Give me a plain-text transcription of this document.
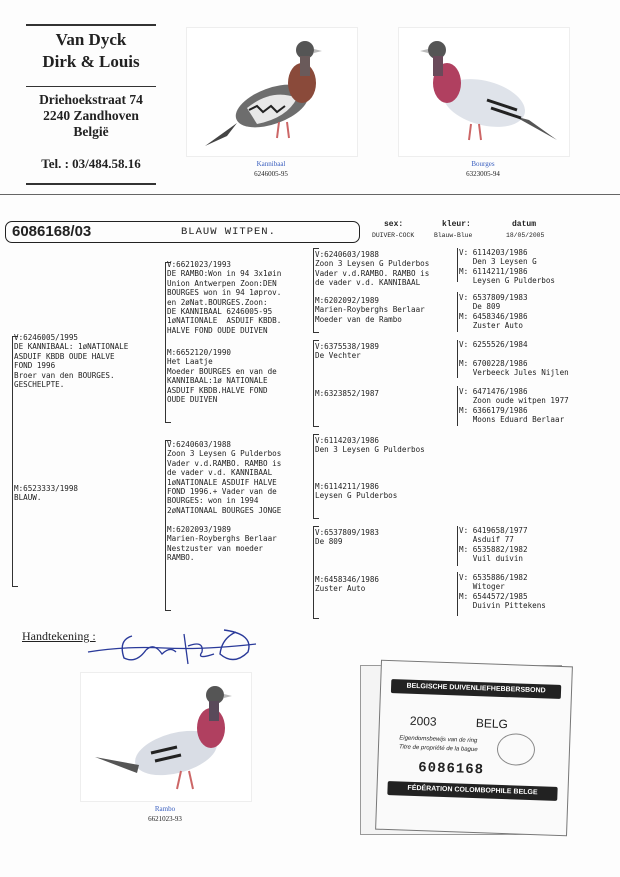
Van Dyck
Dirk & Louis
Driehoekstraat 74
2240 Zandhoven
België
Tel. : 03/484.58.16	Kannibaal
6246005-95
Bourges
6323005-94
6086168/03	BLAUW WITPEN.
sex:
DUIVER-COCK
kleur:
Blauw-Blue
datum
18/05/2005
V:6246005/1995
DE KANNIBAAL: 1øNATIONALE
ASDUIF KBDB OUDE HALVE
FOND 1996
Broer van den BOURGES.
GESCHELPTE.
M:6523333/1998
BLAUW.
V:6621023/1993
DE RAMBO:Won in 94 3x1øin
Union Antwerpen Zoon:DEN
BOURGES won in 94 1øprov.
en 2øNat.BOURGES.Zoon:
DE KANNIBAAL 6246005-95
1øNATIONALE  ASDUIF KBDB.
HALVE FOND OUDE DUIVEN
M:6652120/1990
Het Laatje
Moeder BOURGES en van de
KANNIBAAL:1ø NATIONALE
ASDUIF KBDB.HALVE FOND
OUDE DUIVEN
V:6240603/1988
Zoon 3 Leysen G Pulderbos
Vader v.d.RAMBO. RAMBO is
de vader v.d. KANNIBAAL
1øNATIONALE ASDUIF HALVE
FOND 1996.+ Vader van de
BOURGES: won in 1994
2øNATIONAAL BOURGES JONGE
M:6202093/1989
Marien-Roybergh​s Berlaar
Nestzuster van moeder
RAMBO.
V:6240603/1988
Zoon 3 Leysen G Pulderbos
Vader v.d.RAMBO. RAMBO is
de vader v.d. KANNIBAAL
M:6202092/1989
Marien-Roybergh​s Berlaar
Moeder van de Rambo
V:6375538/1989
De Vechter
M:6323852/1987
V:6114203/1986
Den 3 Leysen G Pulderbos
M:6114211/1986
Leysen G Pulderbos
V:6537809/1983
De 809
M:6458346/1986
Zuster Auto
V: 6114203/1986
Den 3 Leysen G
M: 6114211/1986
Leysen G Pulderbos
V: 6537809/1983
De 809
M: 6458346/1986
Zuster Auto
V: 6255526/1984

M: 6700228/1986
Verbeeck Jules Nijlen
V: 6471476/1986
Zoon oude witpen 1977
M: 6366179/1986
Moons Eduard Berlaar
V: 6419658/1977
Asduif 77
M: 6535882/1982
Vuil duivin
V: 6535886/1982
Witoger
M: 6544572/1985
Duivin Pittekens
Handtekening :
Rambo
6621023-93
BELGISCHE DUIVENLIEFHEBBERSBOND
2003	BELG
Eigendomsbewijs van de ring
Titre de propriété de la bague
6086168
FÉDÉRATION COLOMBOPHILE BELGE
